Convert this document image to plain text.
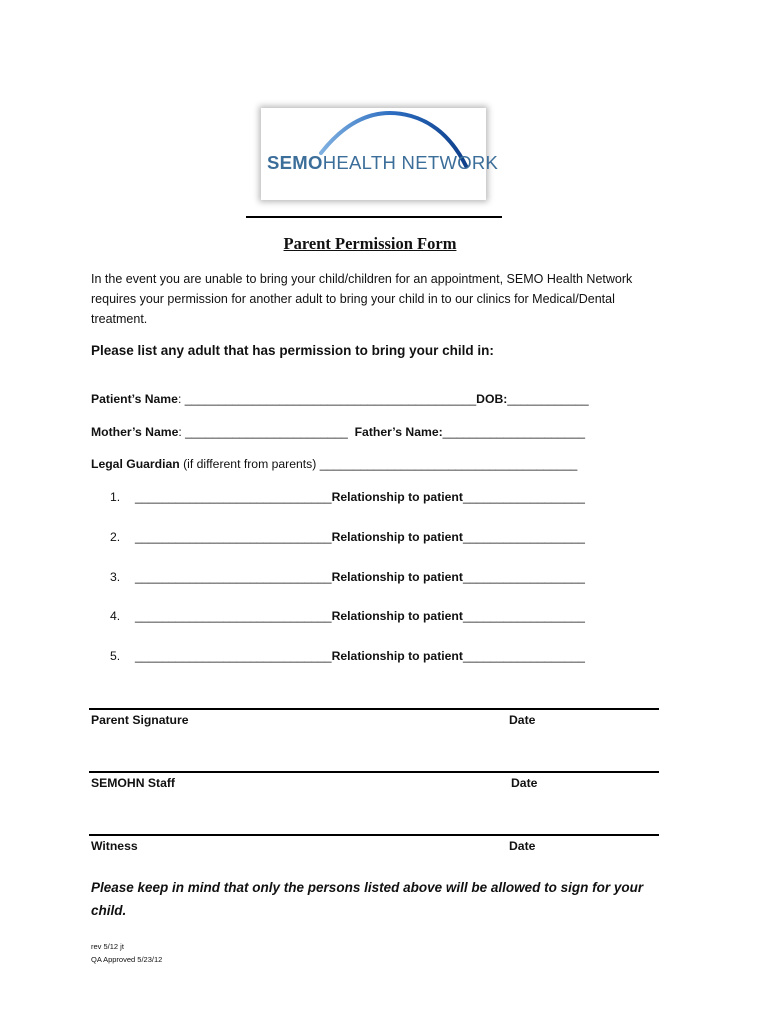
SEMOHEALTH NETWORK
Parent Permission Form
In the event you are unable to bring your child/children for an appointment, SEMO Health Network requires your permission for another adult to bring your child in to our clinics for Medical/Dental treatment.
Please list any adult that has permission to bring your child in:
Patient’s Name: ___________________________________________DOB:____________
Mother’s Name: ________________________ Father’s Name:_____________________
Legal Guardian (if different from parents) ______________________________________
1. _____________________________Relationship to patient__________________
2. _____________________________Relationship to patient__________________
3. _____________________________Relationship to patient__________________
4. _____________________________Relationship to patient__________________
5. _____________________________Relationship to patient__________________
Parent Signature	Date
SEMOHN Staff	Date
Witness	Date
Please keep in mind that only the persons listed above will be allowed to sign for your child.
rev 5/12 jt
QA Approved 5/23/12
